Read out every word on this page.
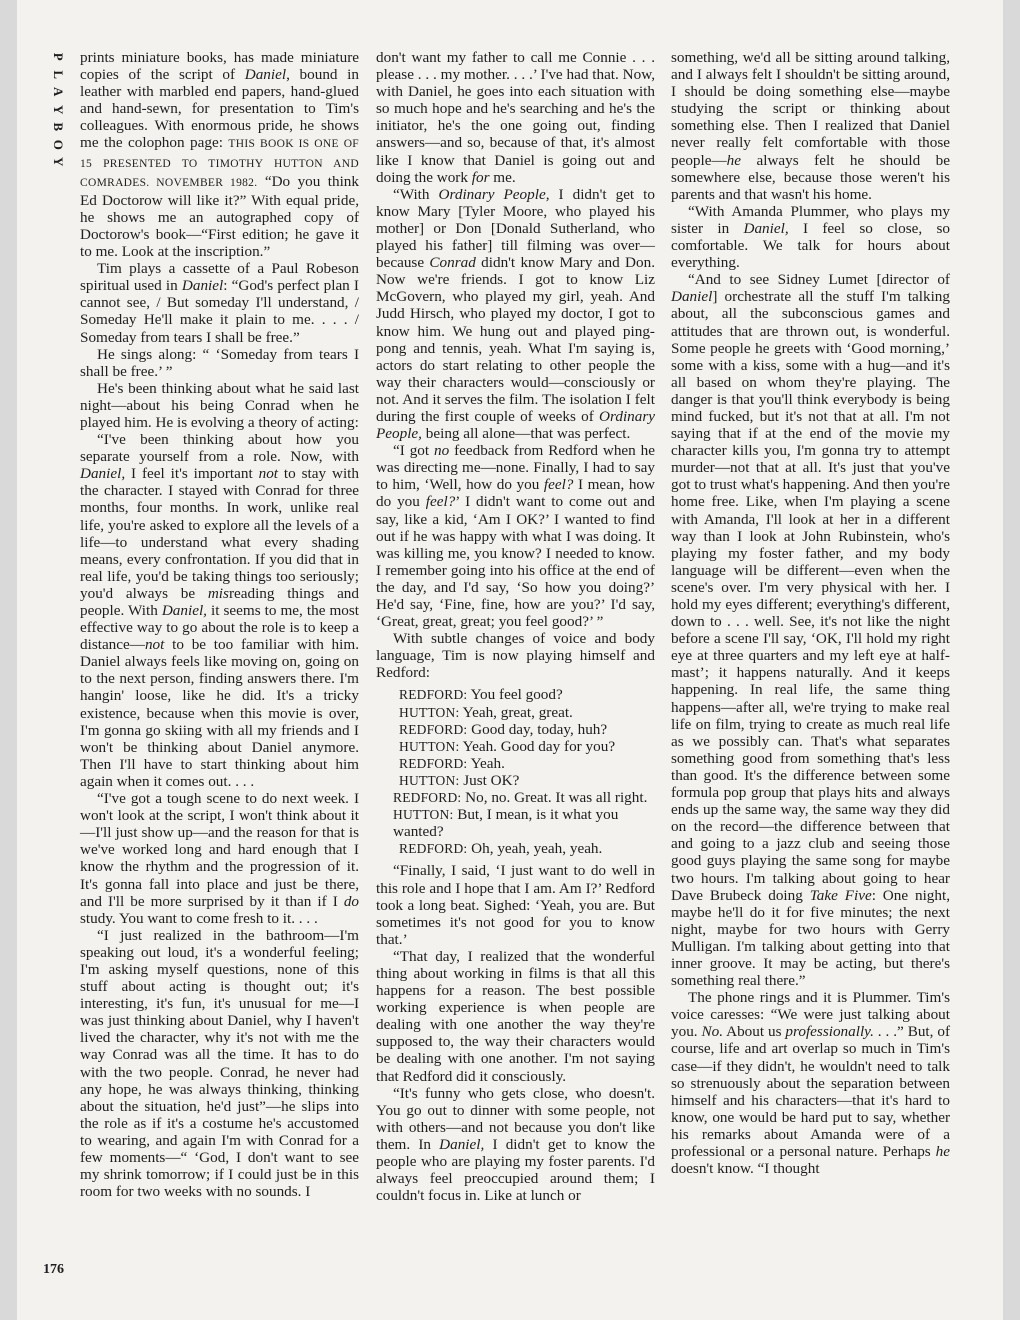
P
L
A
Y
B
O
Y
176

prints miniature books, has made miniature copies of the script of Daniel, bound in leather with marbled end papers, hand-glued and hand-sewn, for presentation to Tim's colleagues. With enormous pride, he shows me the colophon page: THIS BOOK IS ONE OF 15 PRESENTED TO TIMOTHY HUTTON AND COMRADES. NOVEMBER 1982. “Do you think Ed Doctorow will like it?” With equal pride, he shows me an autographed copy of Doctorow's book—“First edition; he gave it to me. Look at the inscription.”

Tim plays a cassette of a Paul Robeson spiritual used in Daniel: “God's perfect plan I cannot see, / But someday I'll understand, / Someday He'll make it plain to me. . . . / Someday from tears I shall be free.”

He sings along: “ ‘Someday from tears I shall be free.’ ”

He's been thinking about what he said last night—about his being Conrad when he played him. He is evolving a theory of acting:

“I've been thinking about how you separate yourself from a role. Now, with Daniel, I feel it's important not to stay with the character. I stayed with Conrad for three months, four months. In work, unlike real life, you're asked to explore all the levels of a life—to understand what every shading means, every confrontation. If you did that in real life, you'd be taking things too seriously; you'd always be misreading things and people. With Daniel, it seems to me, the most effective way to go about the role is to keep a distance—not to be too familiar with him. Daniel always feels like moving on, going on to the next person, finding answers there. I'm hangin' loose, like he did. It's a tricky existence, because when this movie is over, I'm gonna go skiing with all my friends and I won't be thinking about Daniel anymore. Then I'll have to start thinking about him again when it comes out. . . .

“I've got a tough scene to do next week. I won't look at the script, I won't think about it—I'll just show up—and the reason for that is we've worked long and hard enough that I know the rhythm and the progression of it. It's gonna fall into place and just be there, and I'll be more surprised by it than if I do study. You want to come fresh to it. . . .

“I just realized in the bathroom—I'm speaking out loud, it's a wonderful feeling; I'm asking myself questions, none of this stuff about acting is thought out; it's interesting, it's fun, it's unusual for me—I was just thinking about Daniel, why I haven't lived the character, why it's not with me the way Conrad was all the time. It has to do with the two people. Conrad, he never had any hope, he was always thinking, thinking about the situation, he'd just”—he slips into the role as if it's a costume he's accustomed to wearing, and again I'm with Conrad for a few moments—“ ‘God, I don't want to see my shrink tomorrow; if I could just be in this room for two weeks with no sounds. I

don't want my father to call me Connie . . . please . . . my mother. . . .’ I've had that. Now, with Daniel, he goes into each situation with so much hope and he's searching and he's the initiator, he's the one going out, finding answers—and so, because of that, it's almost like I know that Daniel is going out and doing the work for me.

“With Ordinary People, I didn't get to know Mary [Tyler Moore, who played his mother] or Don [Donald Sutherland, who played his father] till filming was over—because Conrad didn't know Mary and Don. Now we're friends. I got to know Liz McGovern, who played my girl, yeah. And Judd Hirsch, who played my doctor, I got to know him. We hung out and played ping-pong and tennis, yeah. What I'm saying is, actors do start relating to other people the way their characters would—consciously or not. And it serves the film. The isolation I felt during the first couple of weeks of Ordinary People, being all alone—that was perfect.

“I got no feedback from Redford when he was directing me—none. Finally, I had to say to him, ‘Well, how do you feel? I mean, how do you feel?’ I didn't want to come out and say, like a kid, ‘Am I OK?’ I wanted to find out if he was happy with what I was doing. It was killing me, you know? I needed to know. I remember going into his office at the end of the day, and I'd say, ‘So how you doing?’ He'd say, ‘Fine, fine, how are you?’ I'd say, ‘Great, great, great; you feel good?’ ”

With subtle changes of voice and body language, Tim is now playing himself and Redford:

REDFORD: You feel good?

HUTTON: Yeah, great, great.

REDFORD: Good day, today, huh?

HUTTON: Yeah. Good day for you?

REDFORD: Yeah.

HUTTON: Just OK?

REDFORD: No, no. Great. It was all right.

HUTTON: But, I mean, is it what you wanted?

REDFORD: Oh, yeah, yeah, yeah.

“Finally, I said, ‘I just want to do well in this role and I hope that I am. Am I?’ Redford took a long beat. Sighed: ‘Yeah, you are. But sometimes it's not good for you to know that.’

“That day, I realized that the wonderful thing about working in films is that all this happens for a reason. The best possible working experience is when people are dealing with one another the way they're supposed to, the way their characters would be dealing with one another. I'm not saying that Redford did it consciously.

“It's funny who gets close, who doesn't. You go out to dinner with some people, not with others—and not because you don't like them. In Daniel, I didn't get to know the people who are playing my foster parents. I'd always feel preoccupied around them; I couldn't focus in. Like at lunch or

something, we'd all be sitting around talking, and I always felt I shouldn't be sitting around, I should be doing something else—maybe studying the script or thinking about something else. Then I realized that Daniel never really felt comfortable with those people—he always felt he should be somewhere else, because those weren't his parents and that wasn't his home.

“With Amanda Plummer, who plays my sister in Daniel, I feel so close, so comfortable. We talk for hours about everything.

“And to see Sidney Lumet [director of Daniel] orchestrate all the stuff I'm talking about, all the subconscious games and attitudes that are thrown out, is wonderful. Some people he greets with ‘Good morning,’ some with a kiss, some with a hug—and it's all based on whom they're playing. The danger is that you'll think everybody is being mind fucked, but it's not that at all. I'm not saying that if at the end of the movie my character kills you, I'm gonna try to attempt murder—not that at all. It's just that you've got to trust what's happening. And then you're home free. Like, when I'm playing a scene with Amanda, I'll look at her in a different way than I look at John Rubinstein, who's playing my foster father, and my body language will be different—even when the scene's over. I'm very physical with her. I hold my eyes different; everything's different, down to . . . well. See, it's not like the night before a scene I'll say, ‘OK, I'll hold my right eye at three quarters and my left eye at half-mast’; it happens naturally. And it keeps happening. In real life, the same thing happens—after all, we're trying to make real life on film, trying to create as much real life as we possibly can. That's what separates something good from something that's less than good. It's the difference between some formula pop group that plays hits and always ends up the same way, the same way they did on the record—the difference between that and going to a jazz club and seeing those good guys playing the same song for maybe two hours. I'm talking about going to hear Dave Brubeck doing Take Five: One night, maybe he'll do it for five minutes; the next night, maybe for two hours with Gerry Mulligan. I'm talking about getting into that inner groove. It may be acting, but there's something real there.”

The phone rings and it is Plummer. Tim's voice caresses: “We were just talking about you. No. About us professionally. . . .” But, of course, life and art overlap so much in Tim's case—if they didn't, he wouldn't need to talk so strenuously about the separation between himself and his characters—that it's hard to know, one would be hard put to say, whether his remarks about Amanda were of a professional or a personal nature. Perhaps he doesn't know. “I thought
